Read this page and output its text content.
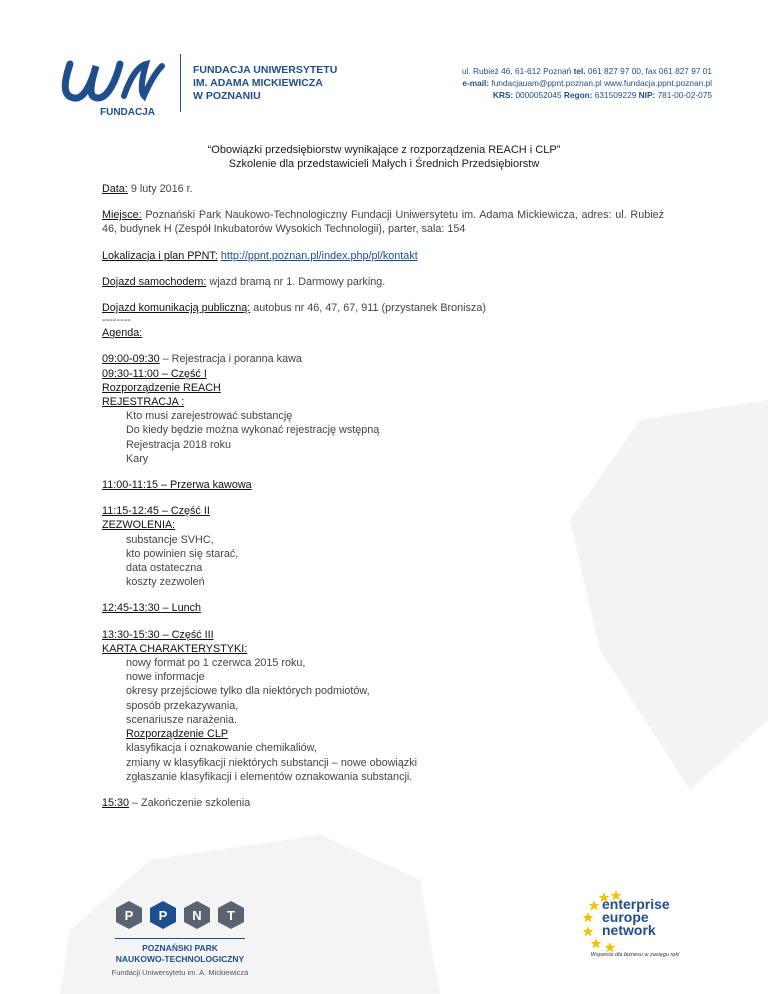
FUNDACJA
FUNDACJA UNIWERSYTETU
IM. ADAMA MICKIEWICZA
W POZNANIU
ul. Rubież 46, 61-612 Poznań tel. 061 827 97 00, fax 061 827 97 01
e-mail: fundacjauam@ppnt.poznan.pl www.fundacja.ppnt.poznan.pl
KRS: 0000052045 Regon: 631509229 NIP: 781-00-02-075
“Obowiązki przedsiębiorstw wynikające z rozporządzenia REACH i CLP”
Szkolenie dla przedstawicieli Małych i Średnich Przedsiębiorstw
Data: 9 luty 2016 r.
Miejsce: Poznański Park Naukowo-Technologiczny Fundacji Uniwersytetu im. Adama Mickiewicza, adres: ul. Rubież 46, budynek H (Zespół Inkubatorów Wysokich Technologii), parter, sala: 154
Lokalizacja i plan PPNT: http://ppnt.poznan.pl/index.php/pl/kontakt
Dojazd samochodem: wjazd bramą nr 1. Darmowy parking.
Dojazd komunikacją publiczną: autobus nr 46, 47, 67, 911 (przystanek Bronisza)
--------
Agenda:
09:00-09:30 – Rejestracja i poranna kawa
09:30-11:00 – Część I
Rozporządzenie REACH
REJESTRACJA :
Kto musi zarejestrować substancję
Do kiedy będzie można wykonać rejestrację wstępną
Rejestracja 2018 roku
Kary
11:00-11:15 – Przerwa kawowa
11:15-12:45 – Część II
ZEZWOLENIA:
substancje SVHC,
kto powinien się starać,
data ostateczna
koszty zezwoleń
12:45-13:30 – Lunch
13:30-15:30 – Część III
KARTA CHARAKTERYSTYKI:
nowy format po 1 czerwca 2015 roku,
nowe informacje
okresy przejściowe tylko dla niektórych podmiotów,
sposób przekazywania,
scenariusze narażenia.
Rozporządzenie CLP
klasyfikacja i oznakowanie chemikaliów,
zmiany w klasyfikacji niektórych substancji – nowe obowiązki
zgłaszanie klasyfikacji i elementów oznakowania substancji.
15:30 – Zakończenie szkolenia
P P N T
POZNAŃSKI PARK
NAUKOWO-TECHNOLOGICZNY
Fundacji Uniwersytetu im. A. Mickiewicza
enterprise
europe
network
Wsparcie dla biznesu w zasięgu ręki
